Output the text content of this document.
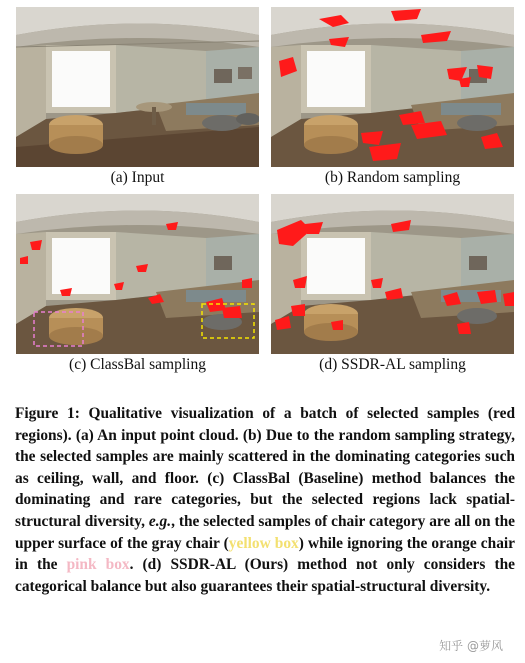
(a) Input	(b) Random sampling
(c) ClassBal sampling	(d) SSDR-AL sampling
Figure 1: Qualitative visualization of a batch of selected samples (red regions). (a) An input point cloud. (b) Due to the random sampling strategy, the selected samples are mainly scattered in the dominating categories such as ceiling, wall, and floor. (c) ClassBal (Baseline) method balances the dominating and rare categories, but the selected regions lack spatial-structural diversity, e.g., the selected samples of chair category are all on the upper surface of the gray chair (yellow box) while ignoring the orange chair in the pink box. (d) SSDR-AL (Ours) method not only considers the categorical balance but also guarantees their spatial-structural diversity.
知乎 @萝风
